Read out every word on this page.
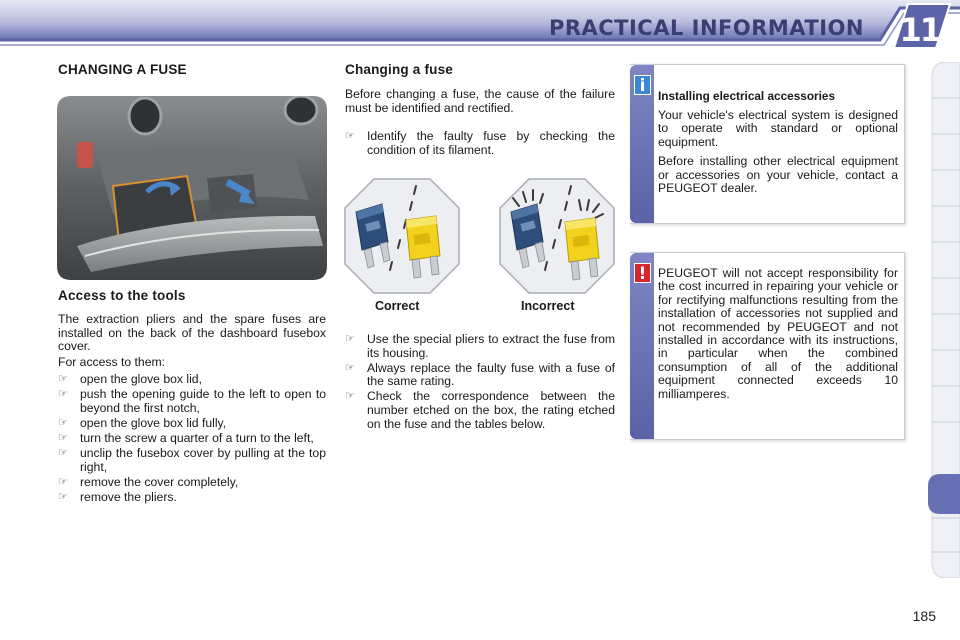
PRACTICAL INFORMATION 11
CHANGING A FUSE
Access to the tools
The extraction pliers and the spare fuses are installed on the back of the dashboard fusebox cover.
For access to them:
☞ open the glove box lid,
☞ push the opening guide to the left to open to beyond the first notch,
☞ open the glove box lid fully,
☞ turn the screw a quarter of a turn to the left,
☞ unclip the fusebox cover by pulling at the top right,
☞ remove the cover completely,
☞ remove the pliers.
Changing a fuse
Before changing a fuse, the cause of the failure must be identified and rectified.
☞ Identify the faulty fuse by checking the condition of its filament.
Correct	Incorrect
☞ Use the special pliers to extract the fuse from its housing.
☞ Always replace the faulty fuse with a fuse of the same rating.
☞ Check the correspondence between the number etched on the box, the rating etched on the fuse and the tables below.
i	Installing electrical accessories
Your vehicle's electrical system is designed to operate with standard or optional equipment.
Before installing other electrical equipment or accessories on your vehicle, contact a PEUGEOT dealer.
! PEUGEOT will not accept responsibility for the cost incurred in repairing your vehicle or for rectifying malfunctions resulting from the installation of accessories not supplied and not recommended by PEUGEOT and not installed in accordance with its instructions, in particular when the combined consumption of all of the additional equipment connected exceeds 10 milliamperes.
185
